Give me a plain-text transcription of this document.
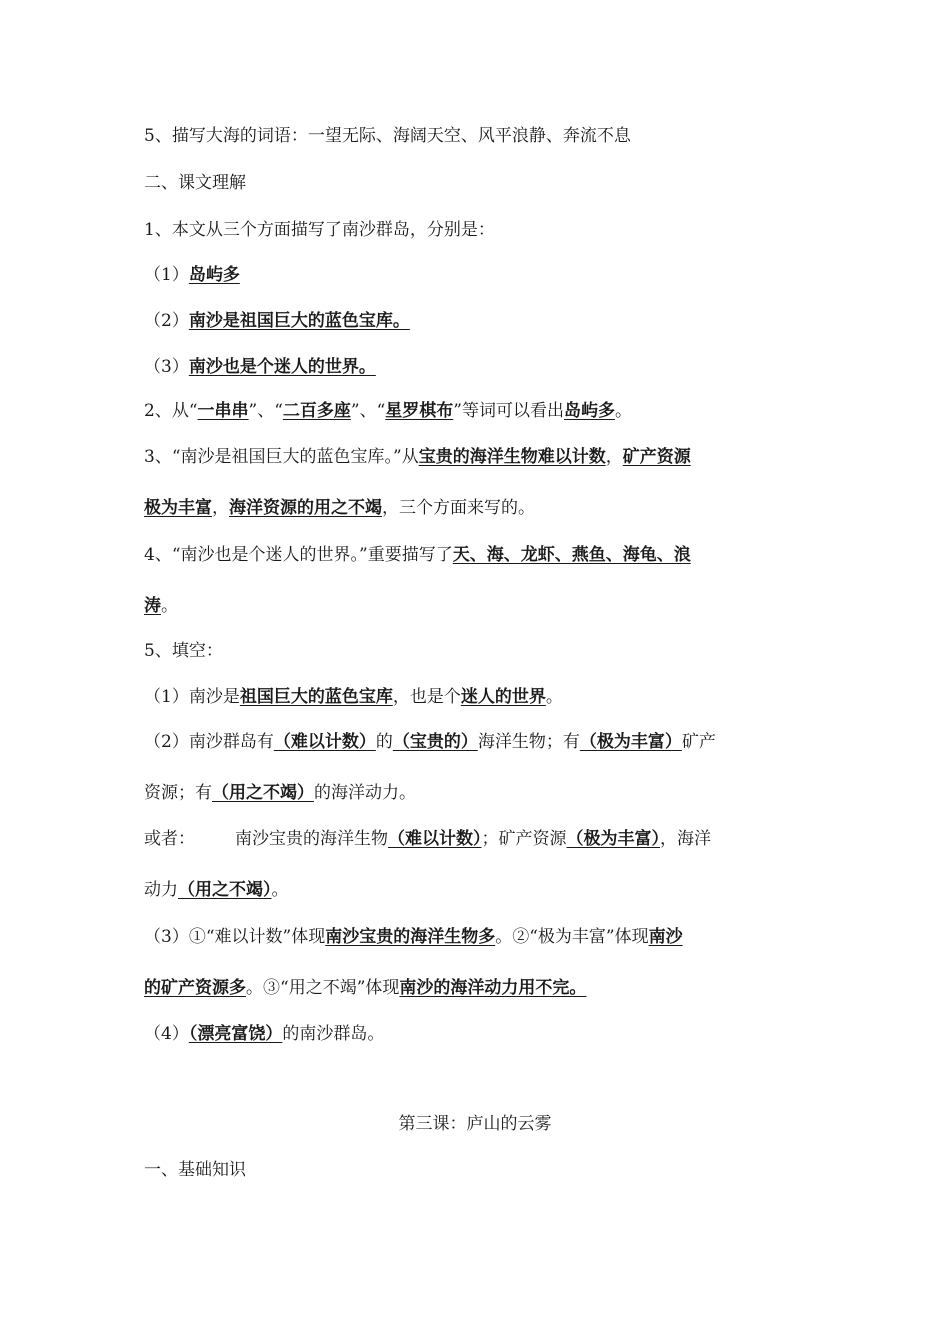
5、描写大海的词语：一望无际、海阔天空、风平浪静、奔流不息
二、课文理解
1、本文从三个方面描写了南沙群岛，分别是：
（1）岛屿多
（2）南沙是祖国巨大的蓝色宝库。
（3）南沙也是个迷人的世界。
2、从“一串串”、“二百多座”、“星罗棋布”等词可以看出岛屿多。
3、“南沙是祖国巨大的蓝色宝库。”从宝贵的海洋生物难以计数，矿产资源
极为丰富，海洋资源的用之不竭，三个方面来写的。
4、“南沙也是个迷人的世界。”重要描写了天、海、龙虾、燕鱼、海龟、浪
涛。
5、填空：
（1）南沙是祖国巨大的蓝色宝库，也是个迷人的世界。
（2）南沙群岛有（难以计数）的（宝贵的）海洋生物；有（极为丰富）矿产
资源；有（用之不竭）的海洋动力。
或者： 南沙宝贵的海洋生物（难以计数）；矿产资源（极为丰富），海洋
动力（用之不竭）。
（3）①“难以计数”体现南沙宝贵的海洋生物多。②“极为丰富”体现南沙
的矿产资源多。③“用之不竭”体现南沙的海洋动力用不完。
（4）（漂亮富饶）的南沙群岛。
第三课：庐山的云雾
一、基础知识
